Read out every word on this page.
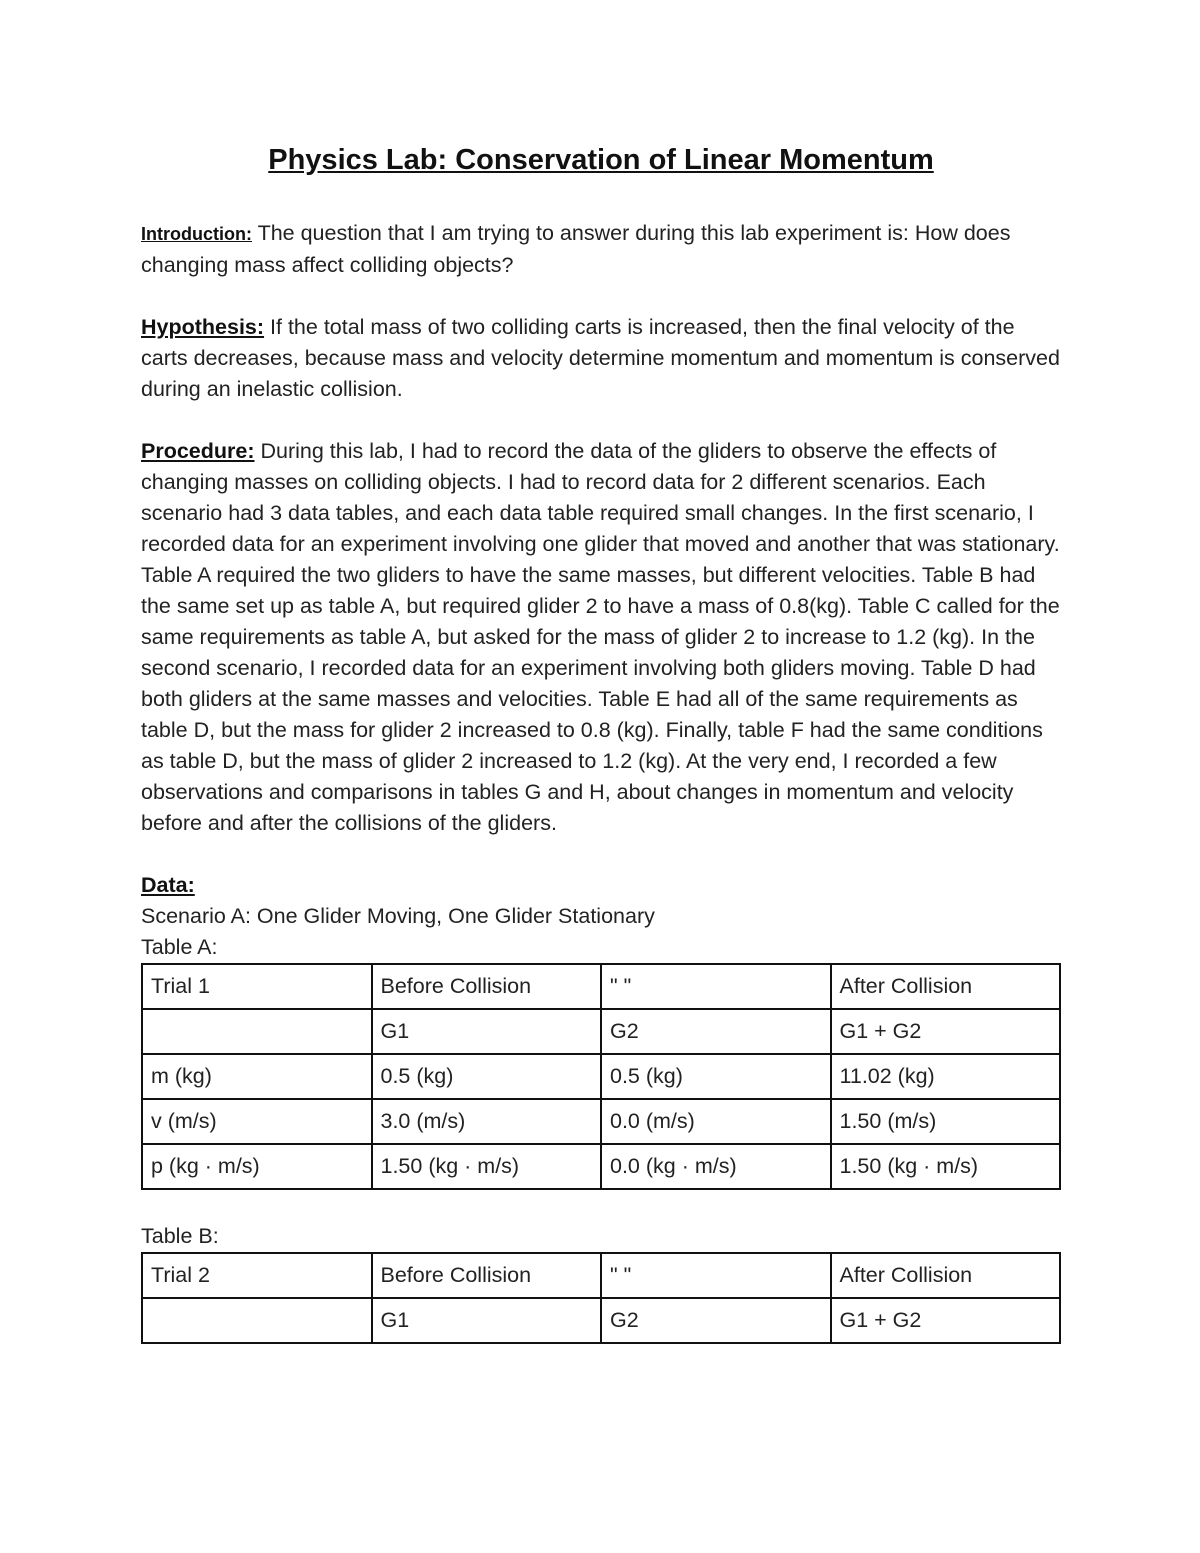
Physics Lab: Conservation of Linear Momentum

Introduction: The question that I am trying to answer during this lab experiment is: How does changing mass affect colliding objects?

Hypothesis: If the total mass of two colliding carts is increased, then the final velocity of the carts decreases, because mass and velocity determine momentum and momentum is conserved during an inelastic collision.

Procedure: During this lab, I had to record the data of the gliders to observe the effects of changing masses on colliding objects. I had to record data for 2 different scenarios. Each scenario had 3 data tables, and each data table required small changes. In the first scenario, I recorded data for an experiment involving one glider that moved and another that was stationary. Table A required the two gliders to have the same masses, but different velocities. Table B had the same set up as table A, but required glider 2 to have a mass of 0.8(kg). Table C called for the same requirements as table A, but asked for the mass of glider 2 to increase to 1.2 (kg). In the second scenario, I recorded data for an experiment involving both gliders moving. Table D had both gliders at the same masses and velocities. Table E had all of the same requirements as table D, but the mass for glider 2 increased to 0.8 (kg). Finally, table F had the same conditions as table D, but the mass of glider 2 increased to 1.2 (kg). At the very end, I recorded a few observations and comparisons in tables G and H, about changes in momentum and velocity before and after the collisions of the gliders.

Data:
Scenario A: One Glider Moving, One Glider Stationary
Table A:
Trial 1	Before Collision	" "	After Collision
	G1	G2	G1 + G2
m (kg)	0.5 (kg)	0.5 (kg)	11.02 (kg)
v (m/s)	3.0 (m/s)	0.0 (m/s)	1.50 (m/s)
p (kg · m/s)	1.50 (kg · m/s)	0.0 (kg · m/s)	1.50 (kg · m/s)
Table B:
Trial 2	Before Collision	" "	After Collision
	G1	G2	G1 + G2
